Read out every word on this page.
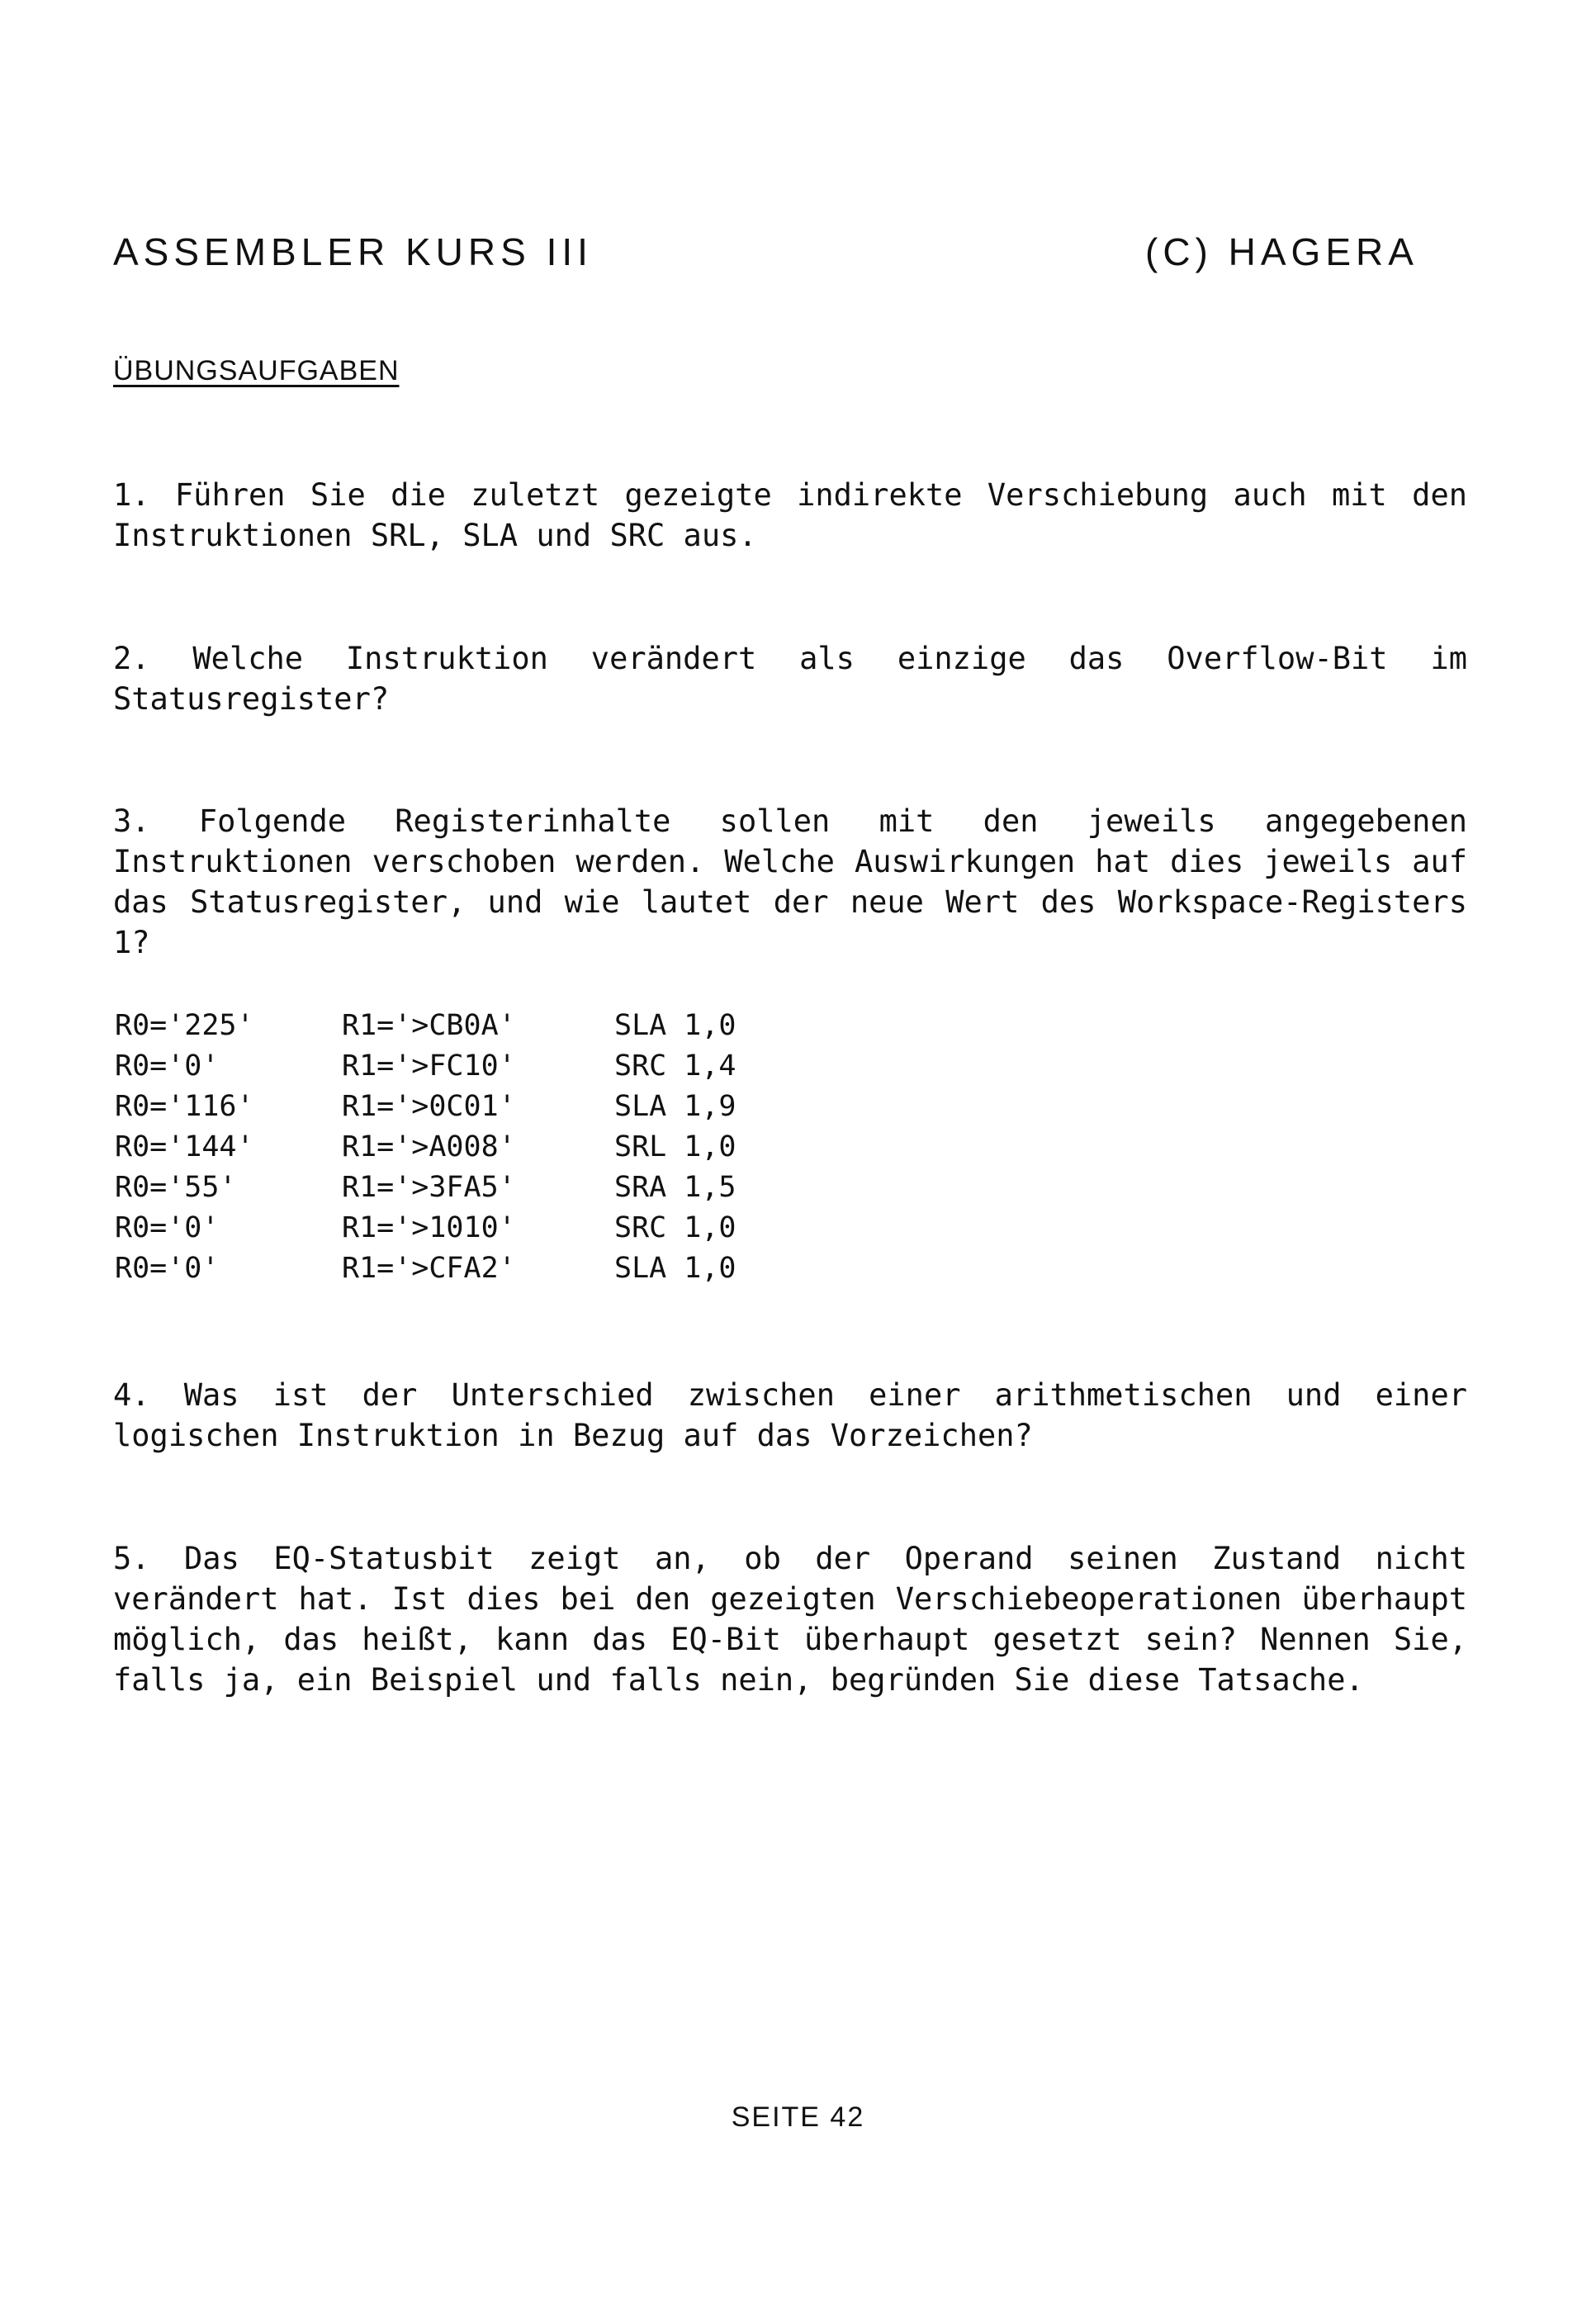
ASSEMBLER KURS III	(C) HAGERA
ÜBUNGSAUFGABEN

1. Führen Sie die zuletzt gezeigte indirekte Verschiebung auch mit den Instruktionen SRL, SLA und SRC aus.

2. Welche Instruktion verändert als einzige das Overflow-Bit im Statusregister?

3. Folgende Registerinhalte sollen mit den jeweils angegebenen Instruktionen verschoben werden. Welche Auswirkungen hat dies jeweils auf das Statusregister, und wie lautet der neue Wert des Workspace-Registers 1?

R0='225'	R1='>CB0A'	SLA 1,0
R0='0'	R1='>FC10'	SRC 1,4
R0='116'	R1='>0C01'	SLA 1,9
R0='144'	R1='>A008'	SRL 1,0
R0='55'	R1='>3FA5'	SRA 1,5
R0='0'	R1='>1010'	SRC 1,0
R0='0'	R1='>CFA2'	SLA 1,0

4. Was ist der Unterschied zwischen einer arithmetischen und einer logischen Instruktion in Bezug auf das Vorzeichen?

5. Das EQ-Statusbit zeigt an, ob der Operand seinen Zustand nicht verändert hat. Ist dies bei den gezeigten Verschiebeoperationen überhaupt möglich, das heißt, kann das EQ-Bit überhaupt gesetzt sein? Nennen Sie, falls ja, ein Beispiel und falls nein, begründen Sie diese Tatsache.

SEITE 42
